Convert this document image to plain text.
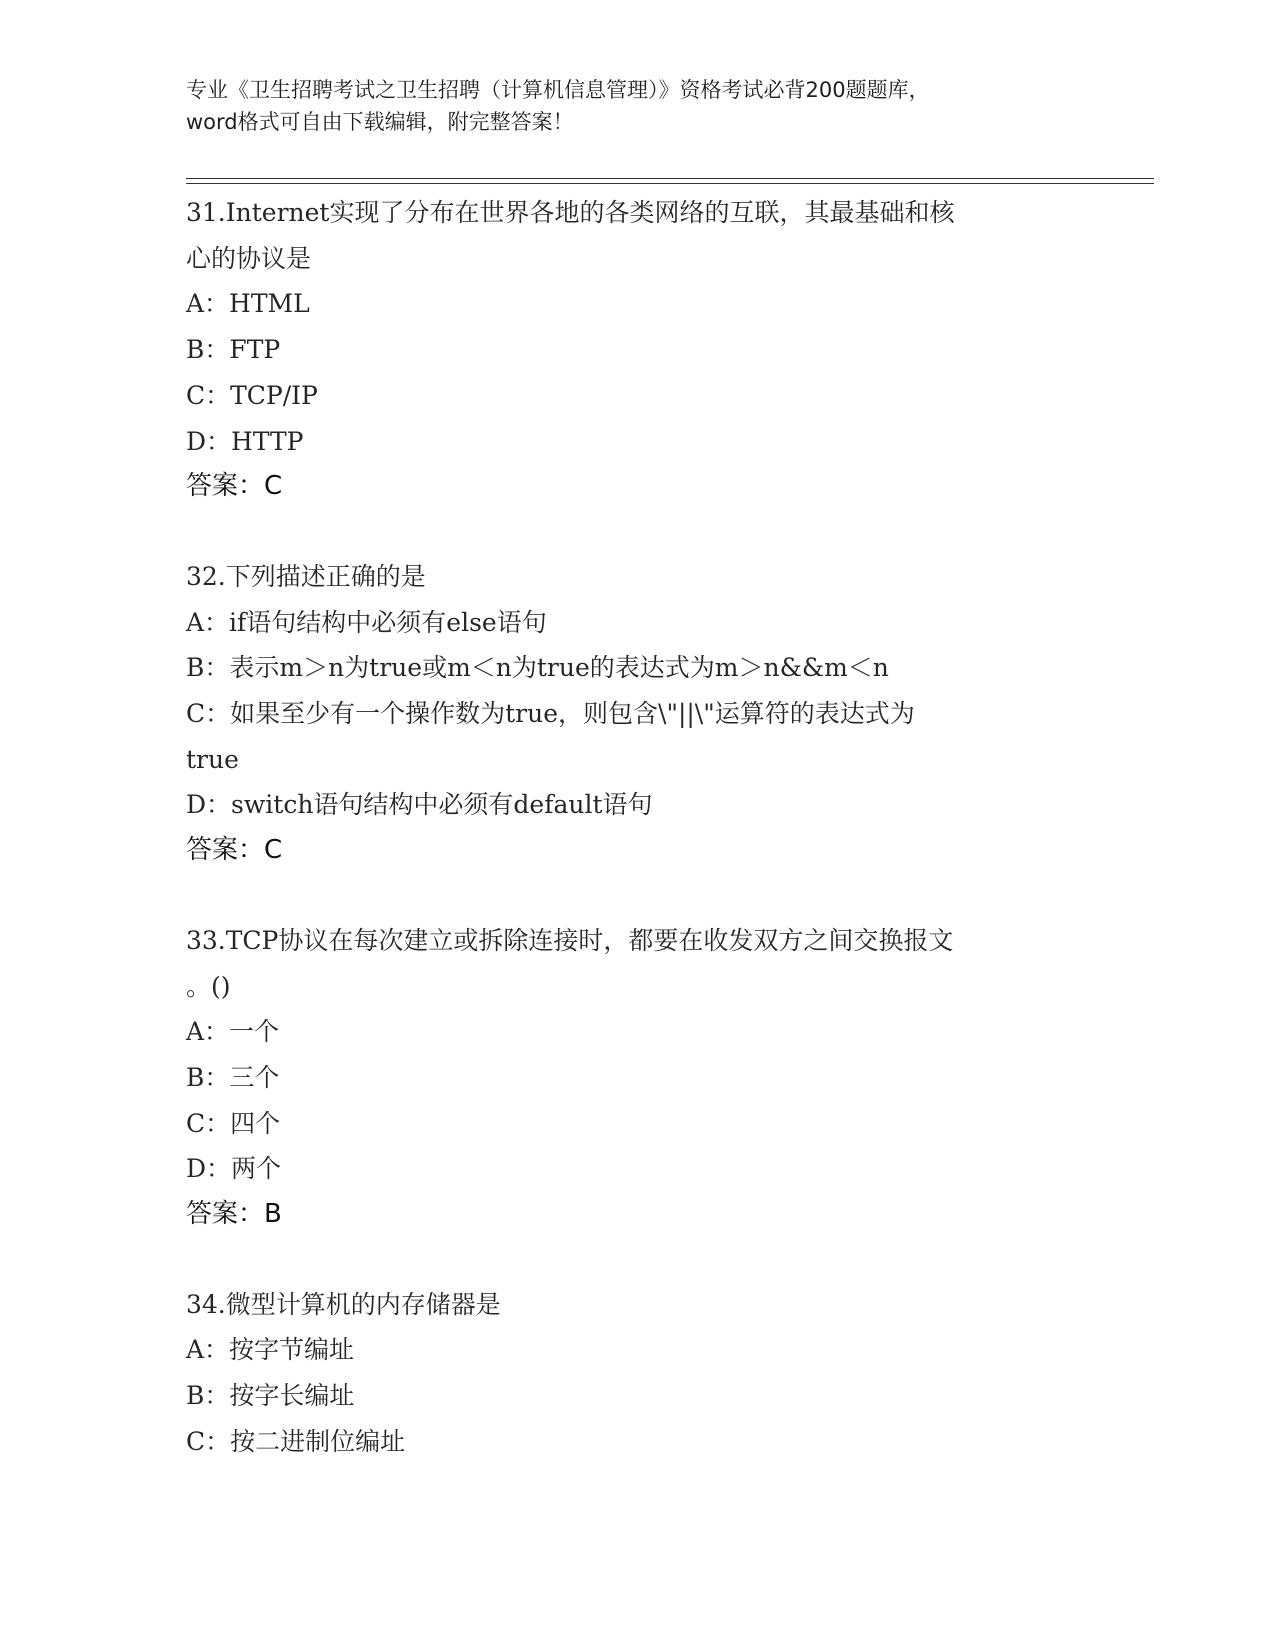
专业《卫生招聘考试之卫生招聘（计算机信息管理）》资格考试必背200题题库，
word格式可自由下载编辑，附完整答案！
31.Internet实现了分布在世界各地的各类网络的互联，其最基础和核
心的协议是
A：HTML
B：FTP
C：TCP/IP
D：HTTP
答案：C
32.下列描述正确的是
A：if语句结构中必须有else语句
B：表示m＞n为true或m＜n为true的表达式为m＞n&&m＜n
C：如果至少有一个操作数为true，则包含\"||\"运算符的表达式为
true
D：switch语句结构中必须有default语句
答案：C
33.TCP协议在每次建立或拆除连接时，都要在收发双方之间交换报文
。()
A：一个
B：三个
C：四个
D：两个
答案：B
34.微型计算机的内存储器是
A：按字节编址
B：按字长编址
C：按二进制位编址
